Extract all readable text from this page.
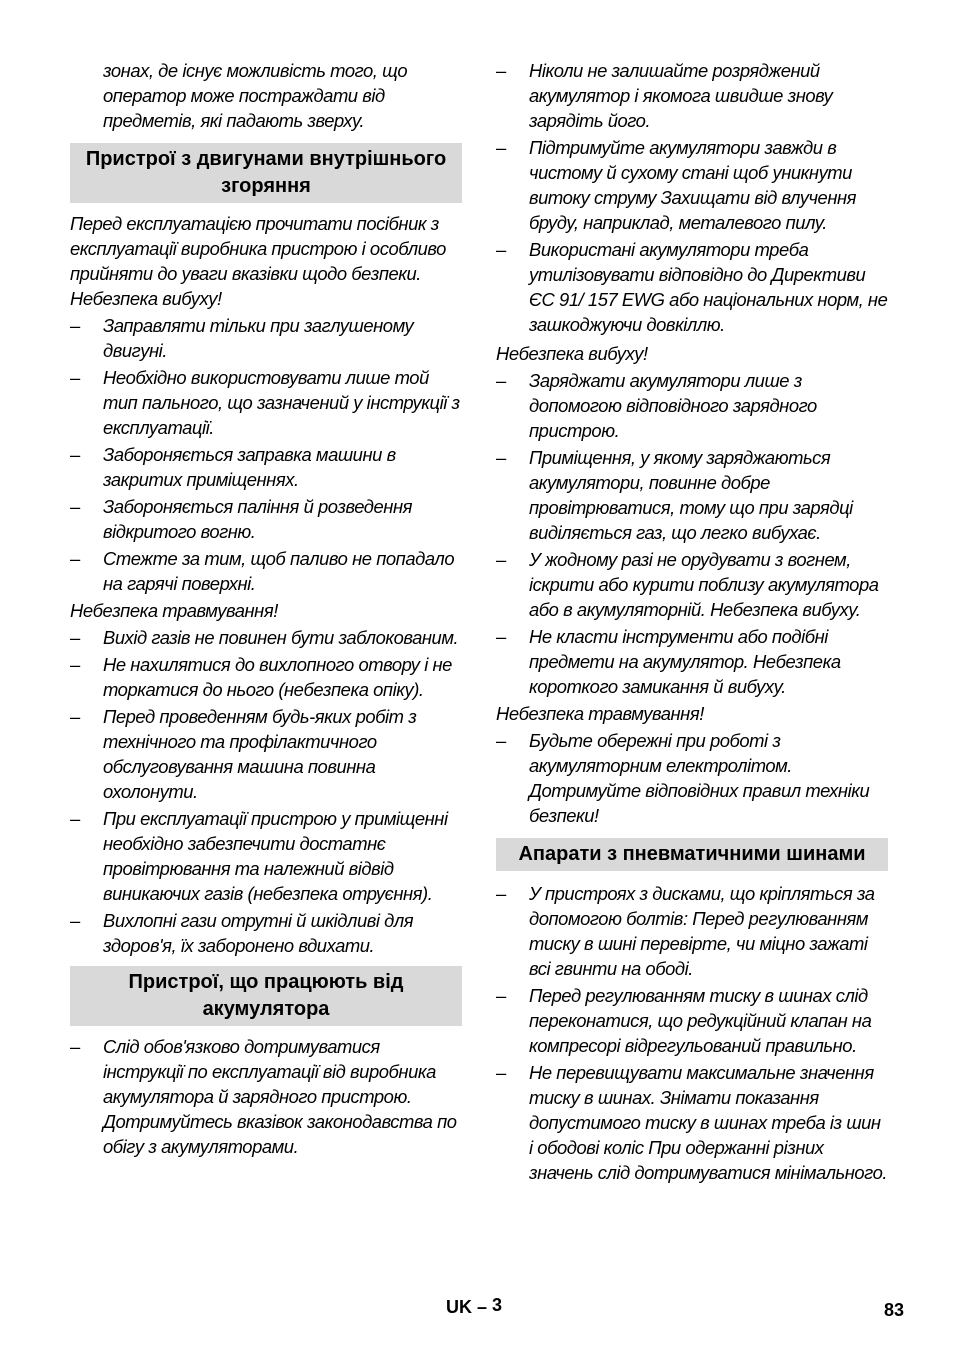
зонах, де існує можливість того, що оператор може постраждати від предметів, які падають зверху.

Пристрої з двигунами внутрішнього згоряння

Перед експлуатацією прочитати посібник з експлуатації виробника пристрою і особливо прийняти до уваги вказівки щодо безпеки.

Небезпека вибуху!

–	Заправляти тільки при заглушеному двигуні.
–	Необхідно використовувати лише той тип пального, що зазначений у інструкції з експлуатації.
–	Забороняється заправка машини в закритих приміщеннях.
–	Забороняється паління й розведення відкритого вогню.
–	Стежте за тим, щоб паливо не попадало на гарячі поверхні.

Небезпека травмування!

–	Вихід газів не повинен бути заблокованим.
–	Не нахилятися до вихлопного отвору і не торкатися до нього (небезпека опіку).
–	Перед проведенням будь-яких робіт з технічного та профілактичного обслуговування машина повинна охолонути.
–	При експлуатації пристрою у приміщенні необхідно забезпечити достатнє провітрювання та належний відвід виникаючих газів (небезпека отруєння).
–	Вихлопні гази отрутні й шкідливі для здоров'я, їх заборонено вдихати.
Пристрої, що працюють від акумулятора
–	Слід обов'язково дотримуватися інструкції по експлуатації від виробника акумулятора й зарядного пристрою. Дотримуйтесь вказівок законодавства по обігу з акумуляторами.
–	Ніколи не залишайте розряджений акумулятор і якомога швидше знову зарядіть його.
–	Підтримуйте акумулятори завжди в чистому й сухому стані щоб уникнути витоку струму Захищати від влучення бруду, наприклад, металевого пилу.
–	Використані акумулятори треба утилізовувати відповідно до Директиви ЄС 91/ 157 EWG або національних норм, не зашкоджуючи довкіллю.

Небезпека вибуху!

–	Заряджати акумулятори лише з допомогою відповідного зарядного пристрою.
–	Приміщення, у якому заряджаються акумулятори, повинне добре провітрюватися, тому що при зарядці виділяється газ, що легко вибухає.
–	У жодному разі не орудувати з вогнем, іскрити або курити поблизу акумулятора або в акумуляторній. Небезпека вибуху.
–	Не класти інструменти або подібні предмети на акумулятор. Небезпека короткого замикання й вибуху.

Небезпека травмування!

–	Будьте обережні при роботі з акумуляторним електролітом. Дотримуйте відповідних правил техніки безпеки!
Апарати з пневматичними шинами
–	У пристроях з дисками, що кріпляться за допомогою болтів: Перед регулюванням тиску в шині перевірте, чи міцно зажаті всі гвинти на ободі.
–	Перед регулюванням тиску в шинах слід переконатися, що редукційний клапан на компресорі відрегульований правильно.
–	Не перевищувати максимальне значення тиску в шинах. Знімати показання допустимого тиску в шинах треба із шин і ободові коліс При одержанні різних значень слід дотримуватися мінімального.
UK – 3	83
